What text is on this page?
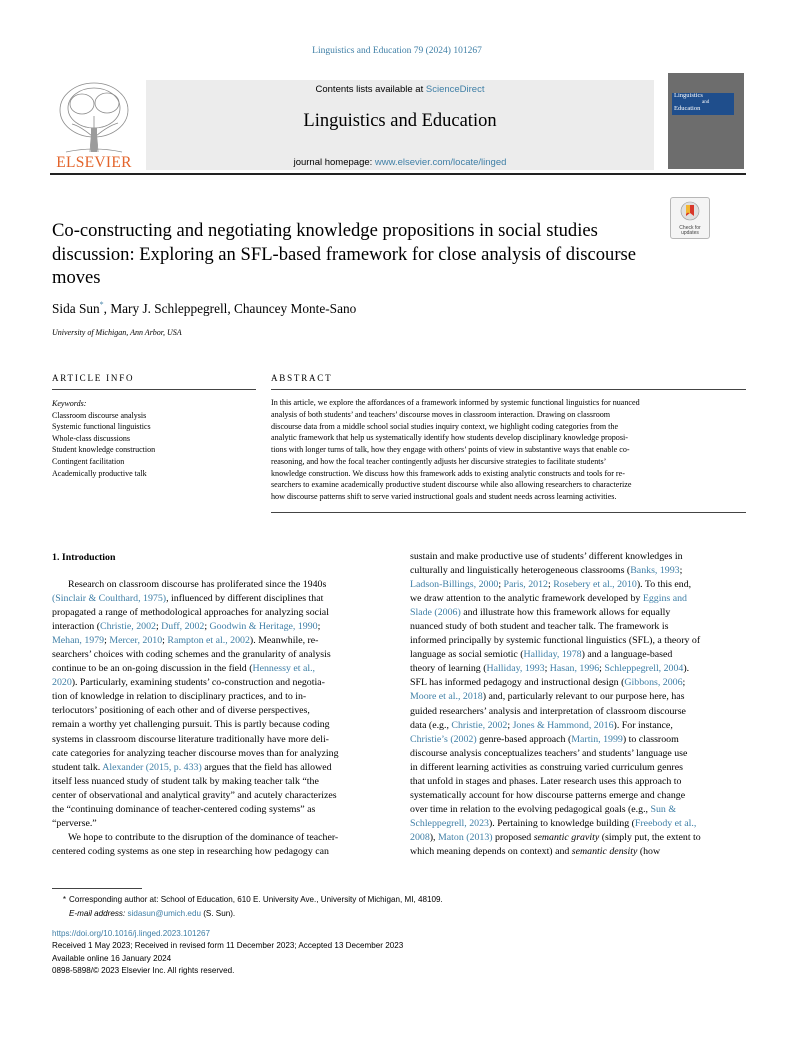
Linguistics and Education 79 (2024) 101267
ELSEVIER
Contents lists available at ScienceDirect
Linguistics and Education
journal homepage: www.elsevier.com/locate/linged
Linguistics
and
Education
Check for
updates
Co-constructing and negotiating knowledge propositions in social studies discussion: Exploring an SFL-based framework for close analysis of discourse moves
Sida Sun*, Mary J. Schleppegrell, Chauncey Monte-Sano
University of Michigan, Ann Arbor, USA
ARTICLE INFO
Keywords:
Classroom discourse analysis
Systemic functional linguistics
Whole-class discussions
Student knowledge construction
Contingent facilitation
Academically productive talk
ABSTRACT
In this article, we explore the affordances of a framework informed by systemic functional linguistics for nuanced
analysis of both students’ and teachers’ discourse moves in classroom interaction. Drawing on classroom
discourse data from a middle school social studies inquiry context, we highlight coding categories from the
analytic framework that help us systematically identify how students develop disciplinary knowledge proposi-
tions with longer turns of talk, how they engage with others’ points of view in substantive ways that enable co-
reasoning, and how the focal teacher contingently adjusts her discursive strategies to facilitate students’
knowledge construction. We discuss how this framework adds to existing analytic constructs and tools for re-
searchers to examine academically productive student discourse while also allowing researchers to characterize
how discourse patterns shift to serve varied instructional goals and student needs across learning activities.
1. Introduction
Research on classroom discourse has proliferated since the 1940s
(Sinclair & Coulthard, 1975), influenced by different disciplines that
propagated a range of methodological approaches for analyzing social
interaction (Christie, 2002; Duff, 2002; Goodwin & Heritage, 1990;
Mehan, 1979; Mercer, 2010; Rampton et al., 2002). Meanwhile, re-
searchers’ choices with coding schemes and the granularity of analysis
continue to be an on-going discussion in the field (Hennessy et al.,
2020). Particularly, examining students’ co-construction and negotia-
tion of knowledge in relation to disciplinary practices, and to in-
terlocutors’ positioning of each other and of diverse perspectives,
remain a worthy yet challenging pursuit. This is partly because coding
systems in classroom discourse literature traditionally have more deli-
cate categories for analyzing teacher discourse moves than for analyzing
student talk. Alexander (2015, p. 433) argues that the field has allowed
itself less nuanced study of student talk by making teacher talk “the
center of observational and analytical gravity” and acutely characterizes
the “continuing dominance of teacher-centered coding systems” as
“perverse.”
We hope to contribute to the disruption of the dominance of teacher-
centered coding systems as one step in researching how pedagogy can
sustain and make productive use of students’ different knowledges in
culturally and linguistically heterogeneous classrooms (Banks, 1993;
Ladson-Billings, 2000; Paris, 2012; Rosebery et al., 2010). To this end,
we draw attention to the analytic framework developed by Eggins and
Slade (2006) and illustrate how this framework allows for equally
nuanced study of both student and teacher talk. The framework is
informed principally by systemic functional linguistics (SFL), a theory of
language as social semiotic (Halliday, 1978) and a language-based
theory of learning (Halliday, 1993; Hasan, 1996; Schleppegrell, 2004).
SFL has informed pedagogy and instructional design (Gibbons, 2006;
Moore et al., 2018) and, particularly relevant to our purpose here, has
guided researchers’ analysis and interpretation of classroom discourse
data (e.g., Christie, 2002; Jones & Hammond, 2016). For instance,
Christie’s (2002) genre-based approach (Martin, 1999) to classroom
discourse analysis conceptualizes teachers’ and students’ language use
in different learning activities as construing varied curriculum genres
that unfold in stages and phases. Later research uses this approach to
systematically account for how discourse patterns emerge and change
over time in relation to the evolving pedagogical goals (e.g., Sun &
Schleppegrell, 2023). Pertaining to knowledge building (Freebody et al.,
2008), Maton (2013) proposed semantic gravity (simply put, the extent to
which meaning depends on context) and semantic density (how
* Corresponding author at: School of Education, 610 E. University Ave., University of Michigan, MI, 48109.
E-mail address: sidasun@umich.edu (S. Sun).
https://doi.org/10.1016/j.linged.2023.101267
Received 1 May 2023; Received in revised form 11 December 2023; Accepted 13 December 2023
Available online 16 January 2024
0898-5898/© 2023 Elsevier Inc. All rights reserved.
